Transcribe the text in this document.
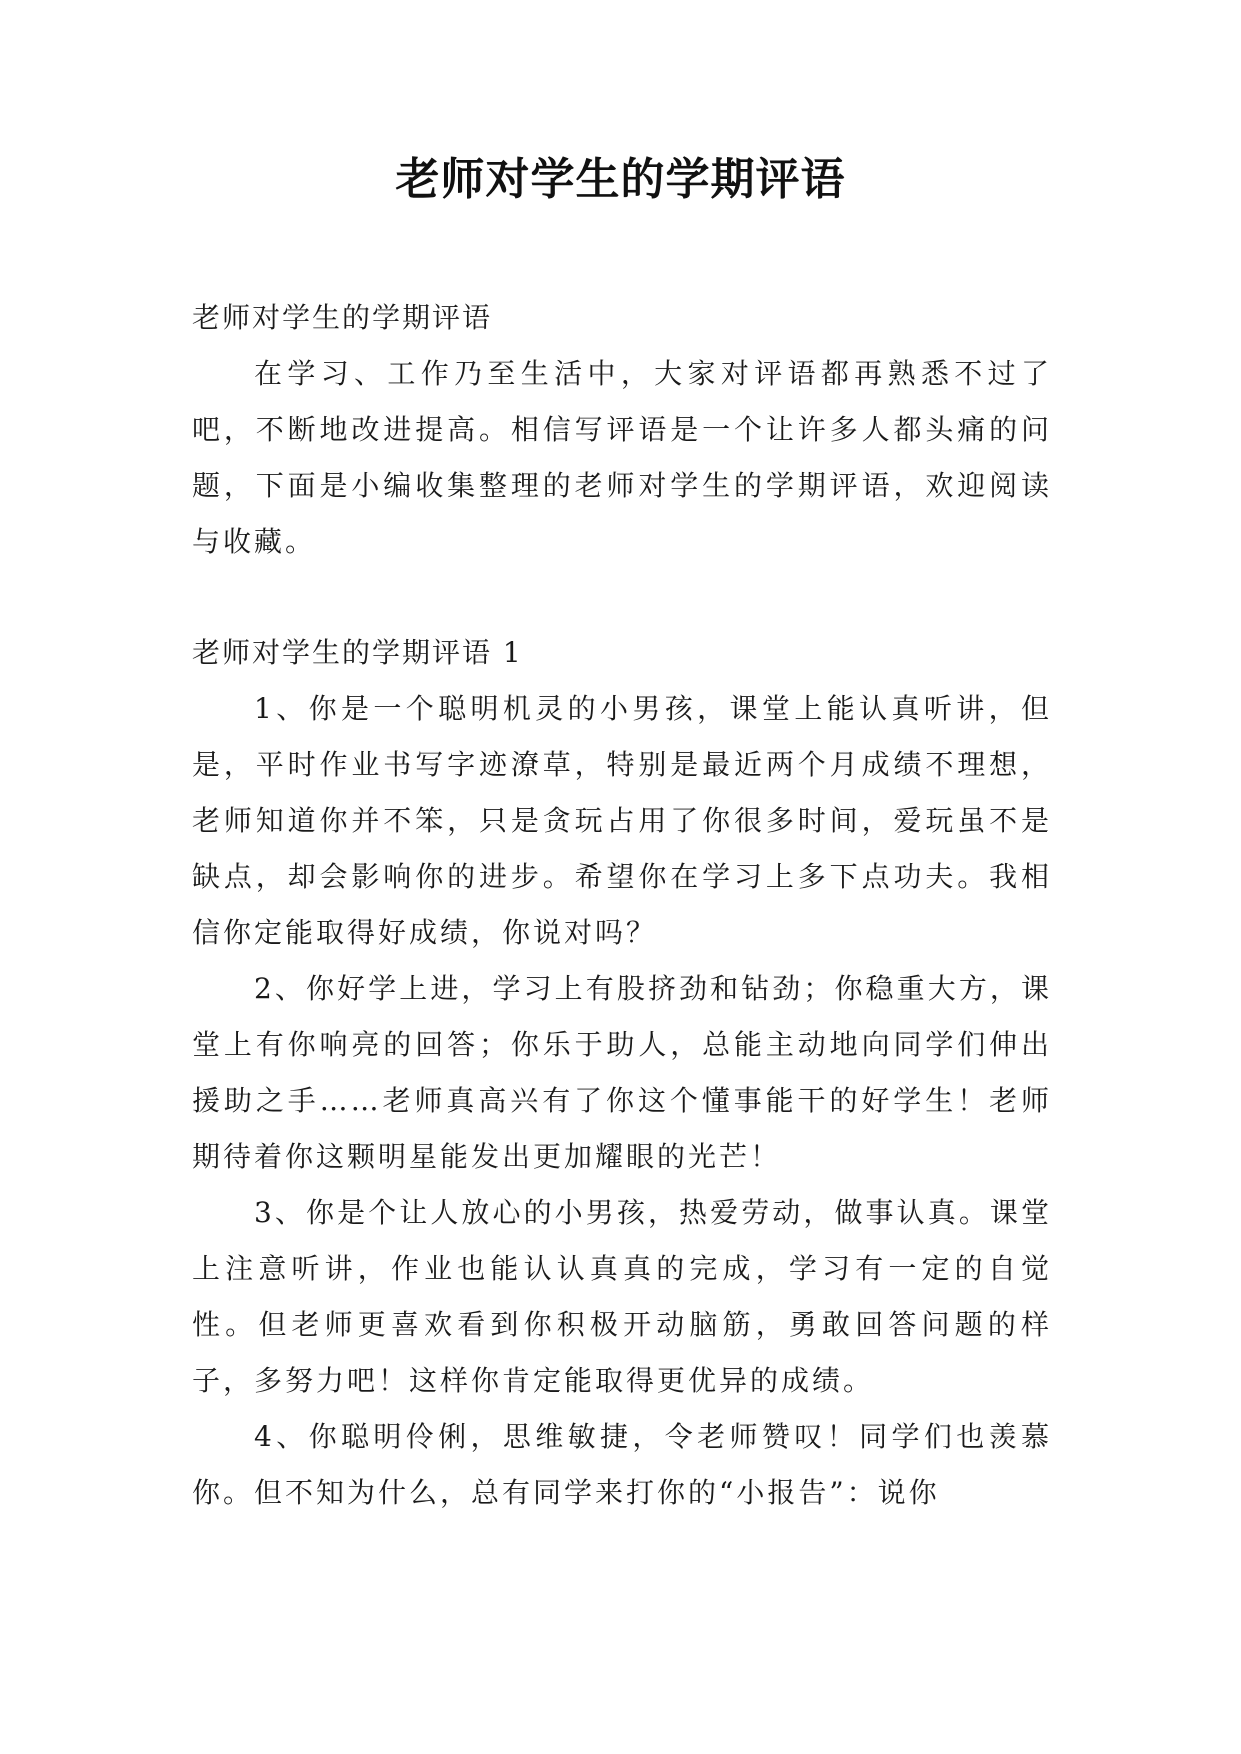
老师对学生的学期评语

老师对学生的学期评语

在学习、工作乃至生活中，大家对评语都再熟悉不过了吧，不断地改进提高。相信写评语是一个让许多人都头痛的问题，下面是小编收集整理的老师对学生的学期评语，欢迎阅读与收藏。

老师对学生的学期评语 1

1、你是一个聪明机灵的小男孩，课堂上能认真听讲，但是，平时作业书写字迹潦草，特别是最近两个月成绩不理想，老师知道你并不笨，只是贪玩占用了你很多时间，爱玩虽不是缺点，却会影响你的进步。希望你在学习上多下点功夫。我相信你定能取得好成绩，你说对吗？

2、你好学上进，学习上有股挤劲和钻劲；你稳重大方，课堂上有你响亮的回答；你乐于助人，总能主动地向同学们伸出援助之手……老师真高兴有了你这个懂事能干的好学生！老师期待着你这颗明星能发出更加耀眼的光芒！

3、你是个让人放心的小男孩，热爱劳动，做事认真。课堂上注意听讲，作业也能认认真真的完成，学习有一定的自觉性。但老师更喜欢看到你积极开动脑筋，勇敢回答问题的样子，多努力吧！这样你肯定能取得更优异的成绩。

4、你聪明伶俐，思维敏捷，令老师赞叹！同学们也羡慕你。但不知为什么，总有同学来打你的“小报告”：说你
